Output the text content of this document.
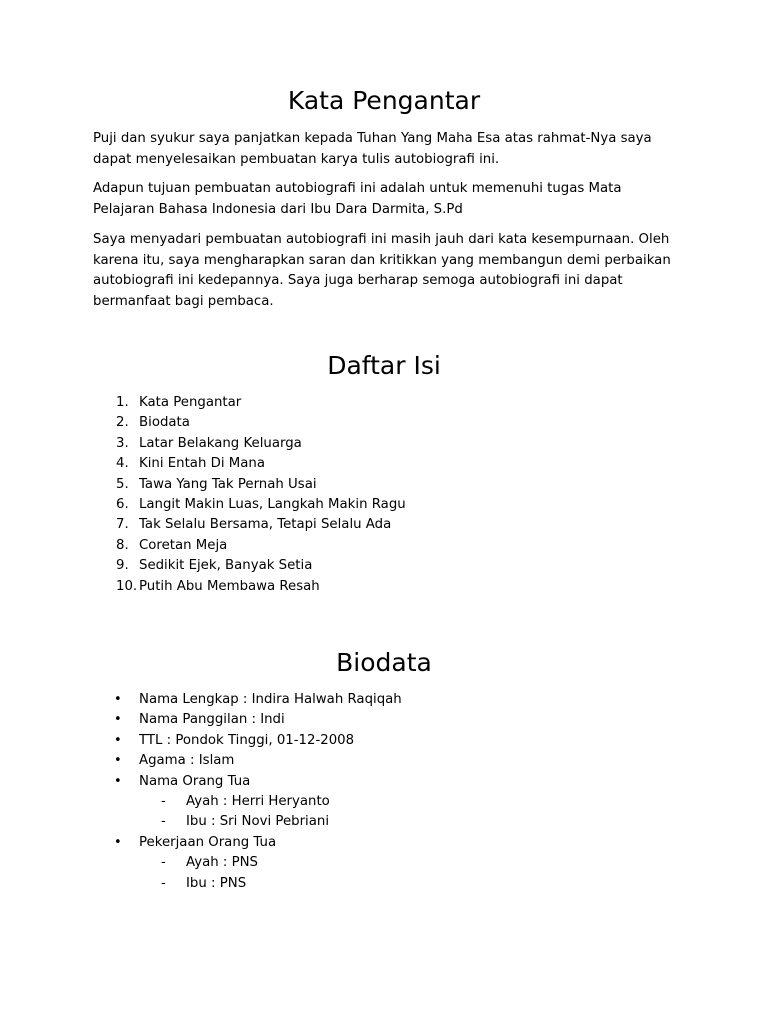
Kata Pengantar

Puji dan syukur saya panjatkan kepada Tuhan Yang Maha Esa atas rahmat-Nya saya dapat menyelesaikan pembuatan karya tulis autobiografi ini.

Adapun tujuan pembuatan autobiografi ini adalah untuk memenuhi tugas Mata Pelajaran Bahasa Indonesia dari Ibu Dara Darmita, S.Pd

Saya menyadari pembuatan autobiografi ini masih jauh dari kata kesempurnaan. Oleh karena itu, saya mengharapkan saran dan kritikkan yang membangun demi perbaikan autobiografi ini kedepannya. Saya juga berharap semoga autobiografi ini dapat bermanfaat bagi pembaca.

Daftar Isi
1. Kata Pengantar
2. Biodata
3. Latar Belakang Keluarga
4. Kini Entah Di Mana
5. Tawa Yang Tak Pernah Usai
6. Langit Makin Luas, Langkah Makin Ragu
7. Tak Selalu Bersama, Tetapi Selalu Ada
8. Coretan Meja
9. Sedikit Ejek, Banyak Setia
10. Putih Abu Membawa Resah
Biodata
• Nama Lengkap : Indira Halwah Raqiqah
• Nama Panggilan : Indi
• TTL : Pondok Tinggi, 01-12-2008
• Agama : Islam
• Nama Orang Tua
- Ayah : Herri Heryanto
- Ibu : Sri Novi Pebriani
• Pekerjaan Orang Tua
- Ayah : PNS
- Ibu : PNS
